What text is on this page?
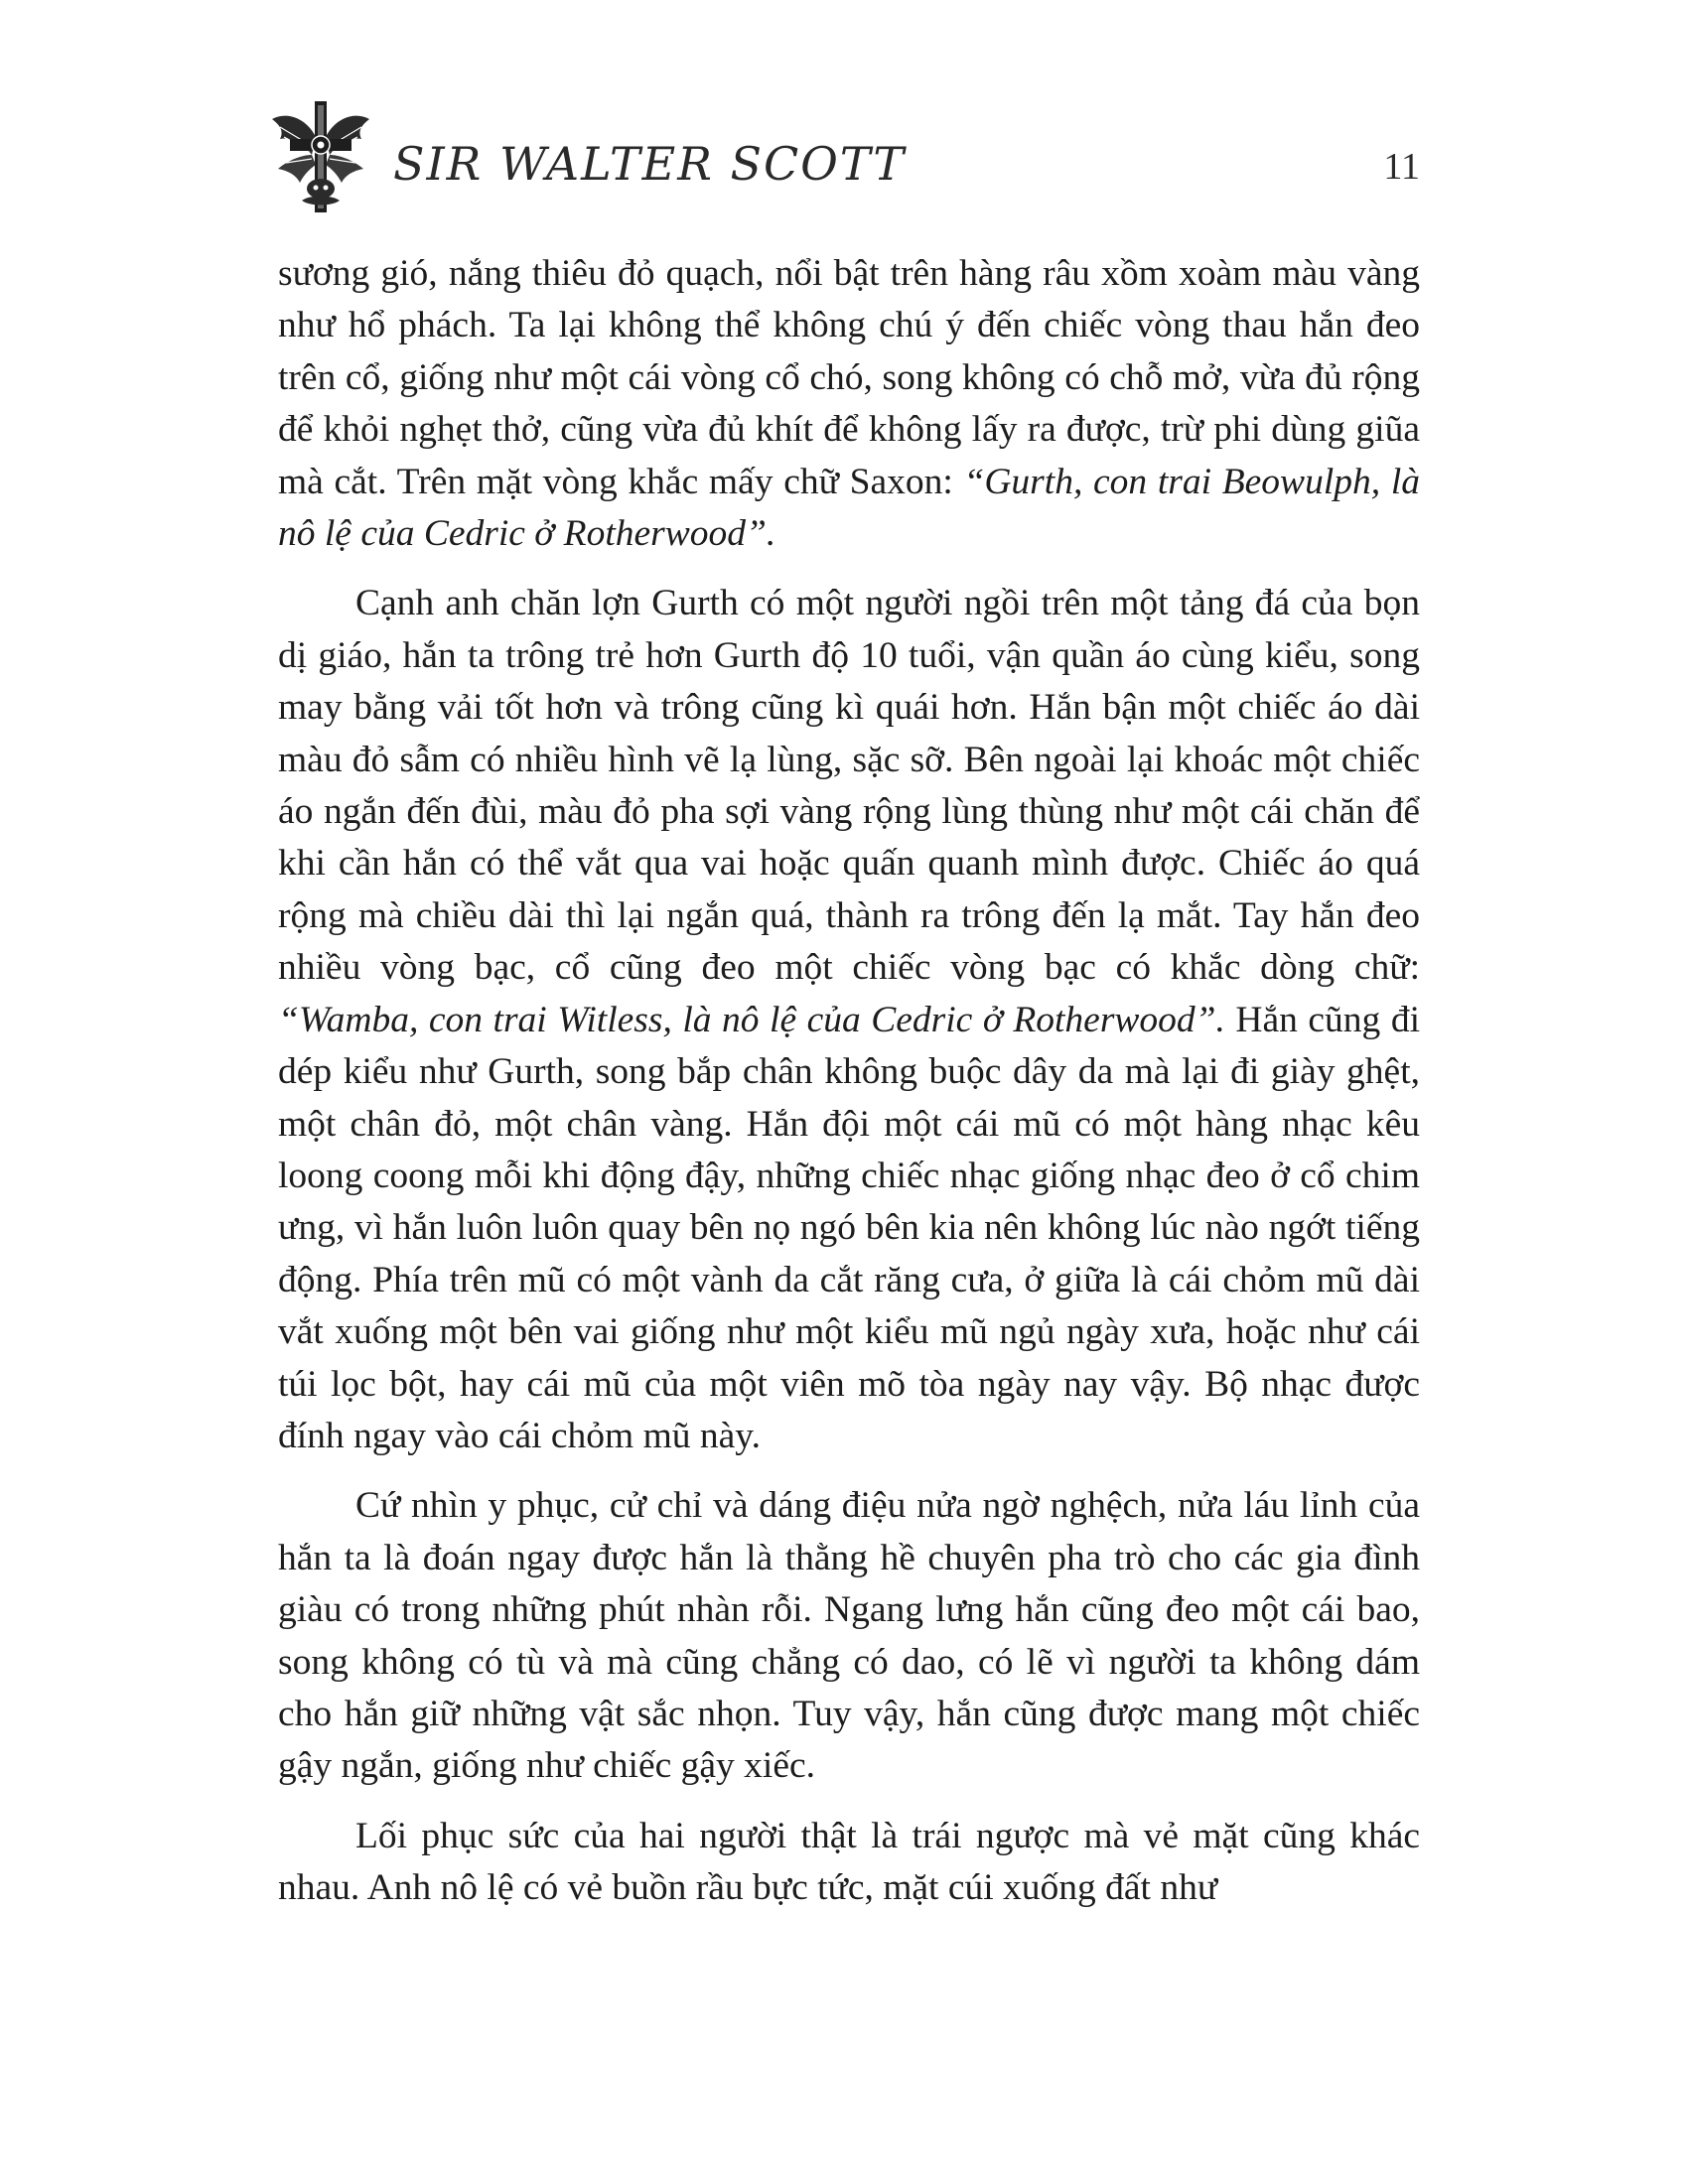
SIR WALTER SCOTT	11

sương gió, nắng thiêu đỏ quạch, nổi bật trên hàng râu xồm xoàm màu vàng như hổ phách. Ta lại không thể không chú ý đến chiếc vòng thau hắn đeo trên cổ, giống như một cái vòng cổ chó, song không có chỗ mở, vừa đủ rộng để khỏi nghẹt thở, cũng vừa đủ khít để không lấy ra được, trừ phi dùng giũa mà cắt. Trên mặt vòng khắc mấy chữ Saxon: “Gurth, con trai Beowulph, là nô lệ của Cedric ở Rotherwood”.

Cạnh anh chăn lợn Gurth có một người ngồi trên một tảng đá của bọn dị giáo, hắn ta trông trẻ hơn Gurth độ 10 tuổi, vận quần áo cùng kiểu, song may bằng vải tốt hơn và trông cũng kì quái hơn. Hắn bận một chiếc áo dài màu đỏ sẫm có nhiều hình vẽ lạ lùng, sặc sỡ. Bên ngoài lại khoác một chiếc áo ngắn đến đùi, màu đỏ pha sợi vàng rộng lùng thùng như một cái chăn để khi cần hắn có thể vắt qua vai hoặc quấn quanh mình được. Chiếc áo quá rộng mà chiều dài thì lại ngắn quá, thành ra trông đến lạ mắt. Tay hắn đeo nhiều vòng bạc, cổ cũng đeo một chiếc vòng bạc có khắc dòng chữ: “Wamba, con trai Witless, là nô lệ của Cedric ở Rotherwood”. Hắn cũng đi dép kiểu như Gurth, song bắp chân không buộc dây da mà lại đi giày ghệt, một chân đỏ, một chân vàng. Hắn đội một cái mũ có một hàng nhạc kêu loong coong mỗi khi động đậy, những chiếc nhạc giống nhạc đeo ở cổ chim ưng, vì hắn luôn luôn quay bên nọ ngó bên kia nên không lúc nào ngớt tiếng động. Phía trên mũ có một vành da cắt răng cưa, ở giữa là cái chỏm mũ dài vắt xuống một bên vai giống như một kiểu mũ ngủ ngày xưa, hoặc như cái túi lọc bột, hay cái mũ của một viên mõ tòa ngày nay vậy. Bộ nhạc được đính ngay vào cái chỏm mũ này.

Cứ nhìn y phục, cử chỉ và dáng điệu nửa ngờ nghệch, nửa láu lỉnh của hắn ta là đoán ngay được hắn là thằng hề chuyên pha trò cho các gia đình giàu có trong những phút nhàn rỗi. Ngang lưng hắn cũng đeo một cái bao, song không có tù và mà cũng chẳng có dao, có lẽ vì người ta không dám cho hắn giữ những vật sắc nhọn. Tuy vậy, hắn cũng được mang một chiếc gậy ngắn, giống như chiếc gậy xiếc.

Lối phục sức của hai người thật là trái ngược mà vẻ mặt cũng khác nhau. Anh nô lệ có vẻ buồn rầu bực tức, mặt cúi xuống đất như
